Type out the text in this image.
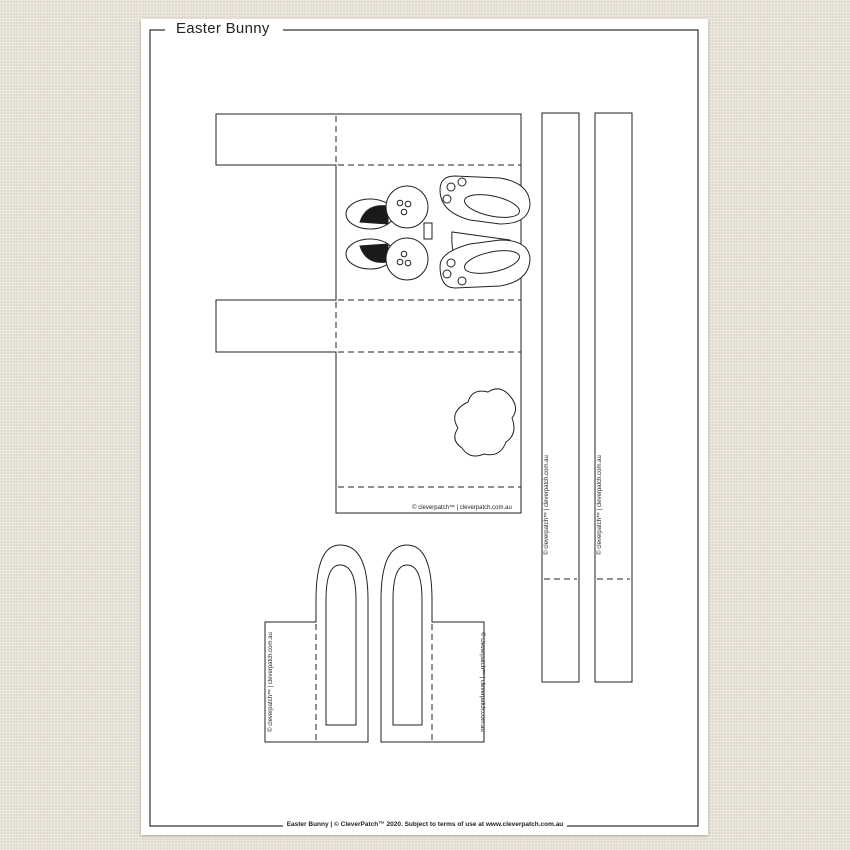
© cleverpatch™ | cleverpatch.com.au	© cleverpatch™ | cleverpatch.com.au	© cleverpatch™ | cleverpatch.com.au
© cleverpatch™ | cleverpatch.com.au	© cleverpatch™ | cleverpatch.com.au
Easter Bunny
Easter Bunny | © CleverPatch™ 2020. Subject to terms of use at www.cleverpatch.com.au
